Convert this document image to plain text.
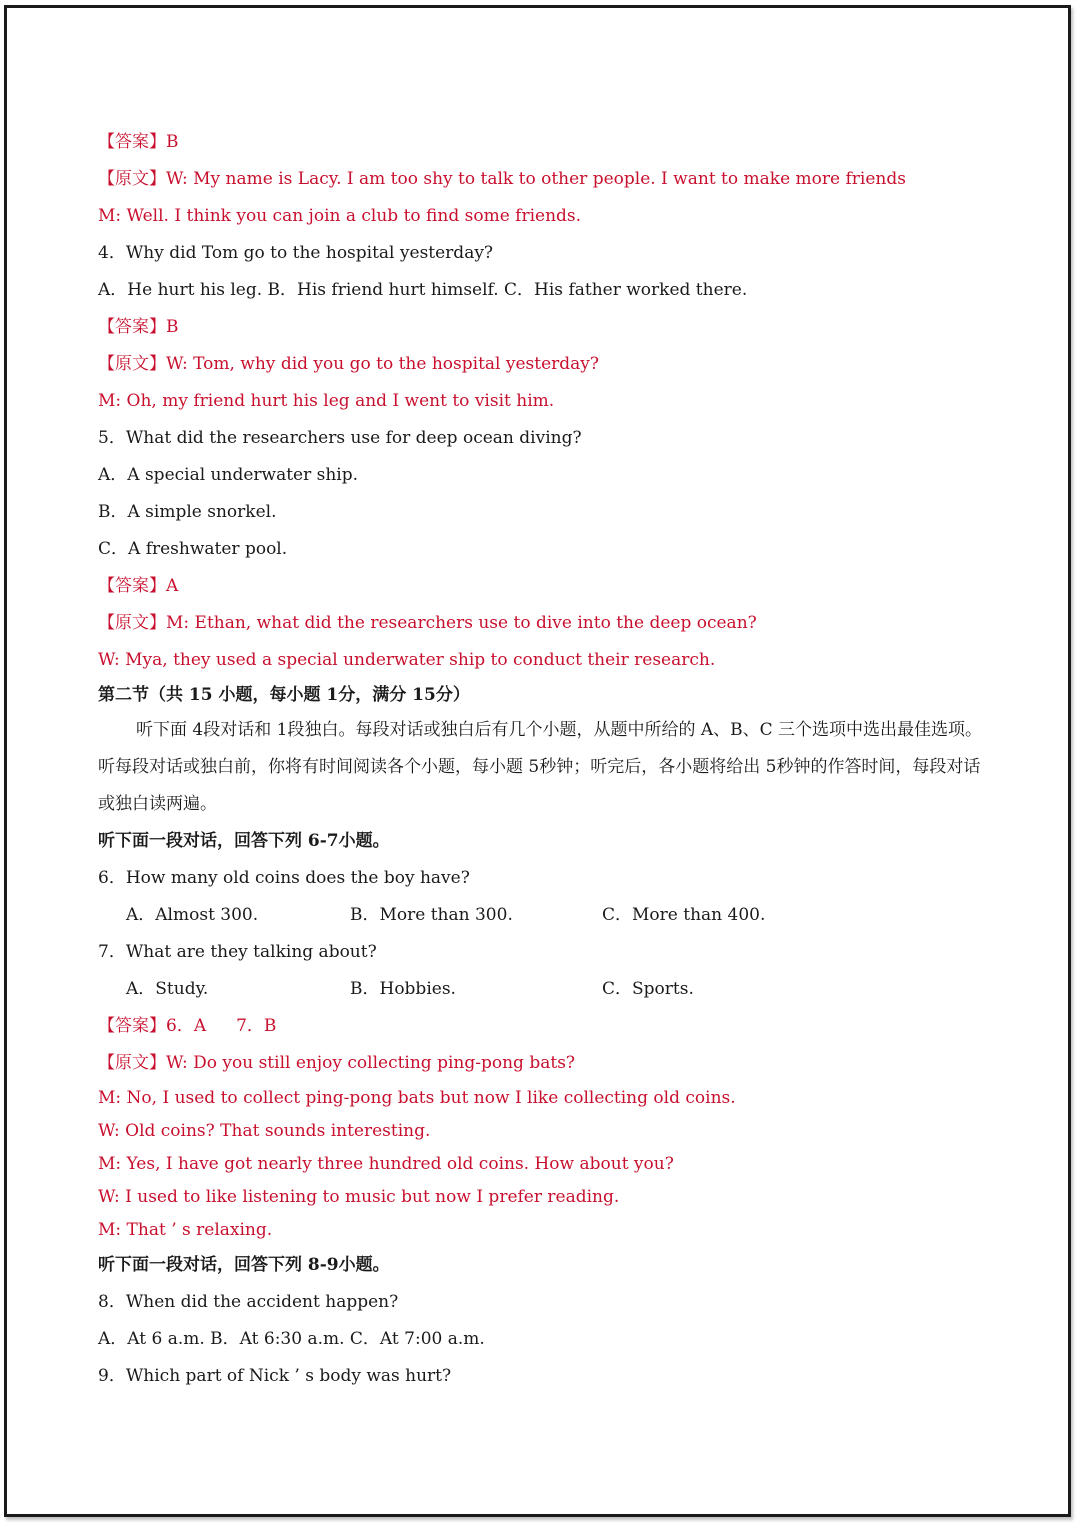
【答案】B
【原文】W: My name is Lacy. I am too shy to talk to other people. I want to make more friends
M: Well. I think you can join a club to find some friends.
4．Why did Tom go to the hospital yesterday?
A．He hurt his leg. B．His friend hurt himself. C．His father worked there.
【答案】B
【原文】W: Tom, why did you go to the hospital yesterday?
M: Oh, my friend hurt his leg and I went to visit him.
5．What did the researchers use for deep ocean diving?
A．A special underwater ship.
B．A simple snorkel.
C．A freshwater pool.
【答案】A
【原文】M: Ethan, what did the researchers use to dive into the deep ocean?
W: Mya, they used a special underwater ship to conduct their research.
第二节（共 15 小题，每小题 1分，满分 15分）
听下面 4段对话和 1段独白。每段对话或独白后有几个小题，从题中所给的 A、B、C 三个选项中选出最佳选项。听每段对话或独白前，你将有时间阅读各个小题，每小题 5秒钟；听完后，各小题将给出 5秒钟的作答时间，每段对话或独白读两遍。
听下面一段对话，回答下列 6-7小题。
6．How many old coins does the boy have?
A．Almost 300.	B．More than 300.	C．More than 400.
7．What are they talking about?
A．Study.	B．Hobbies.	C．Sports.
【答案】6．A 7．B
【原文】W: Do you still enjoy collecting ping-pong bats?
M: No, I used to collect ping-pong bats but now I like collecting old coins.
W: Old coins? That sounds interesting.
M: Yes, I have got nearly three hundred old coins. How about you?
W: I used to like listening to music but now I prefer reading.
M: That ’ s relaxing.
听下面一段对话，回答下列 8-9小题。
8．When did the accident happen?
A．At 6 a.m. B．At 6:30 a.m. C．At 7:00 a.m.
9．Which part of Nick ’ s body was hurt?
